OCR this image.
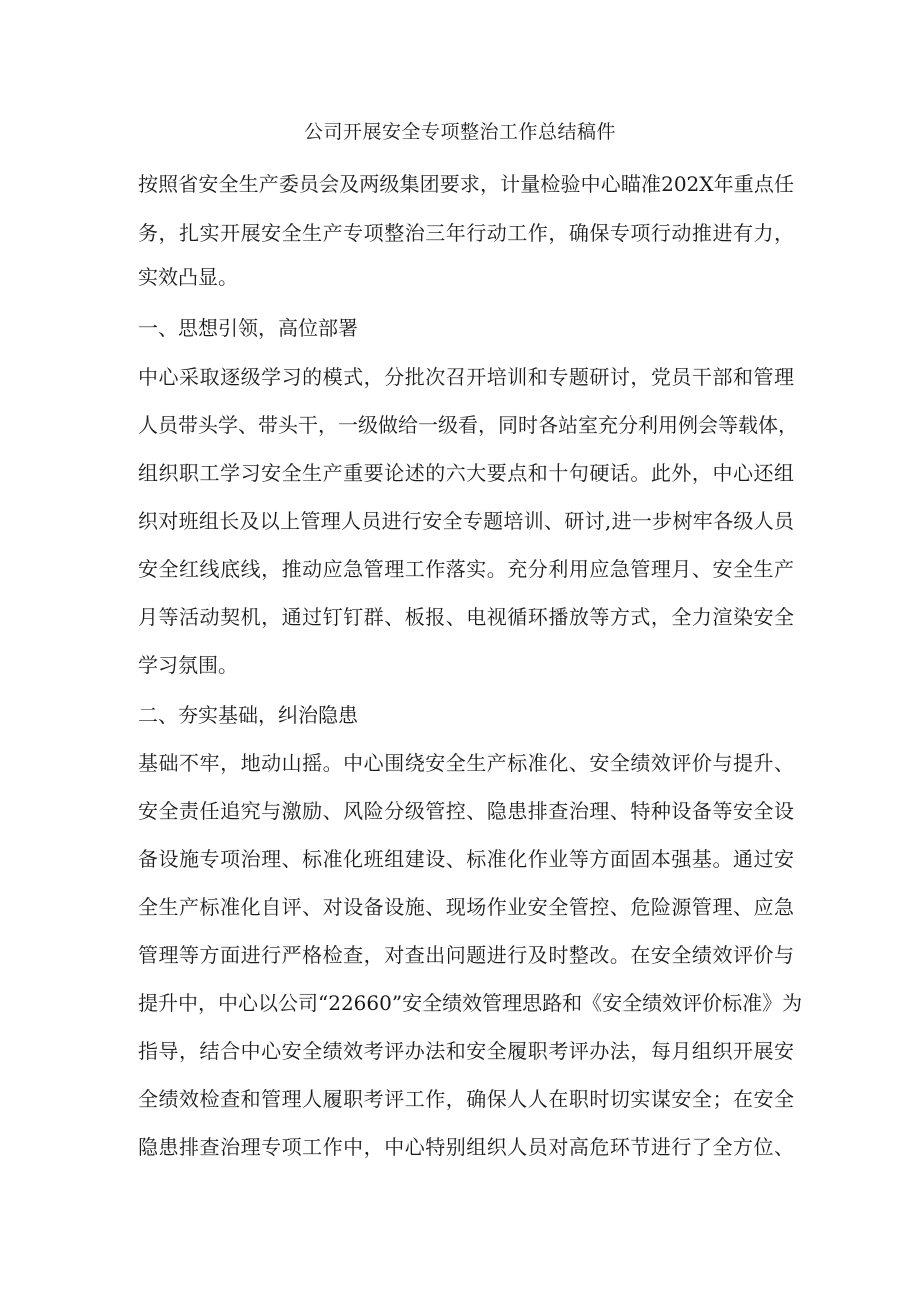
公司开展安全专项整治工作总结稿件
按照省安全生产委员会及两级集团要求，计量检验中心瞄准202X年重点任
务，扎实开展安全生产专项整治三年行动工作，确保专项行动推进有力，
实效凸显。
一、思想引领，高位部署
中心采取逐级学习的模式，分批次召开培训和专题研讨，党员干部和管理
人员带头学、带头干，一级做给一级看，同时各站室充分利用例会等载体，
组织职工学习安全生产重要论述的六大要点和十句硬话。此外，中心还组
织对班组长及以上管理人员进行安全专题培训、研讨,进一步树牢各级人员
安全红线底线，推动应急管理工作落实。充分利用应急管理月、安全生产
月等活动契机，通过钉钉群、板报、电视循环播放等方式，全力渲染安全
学习氛围。
二、夯实基础，纠治隐患
基础不牢，地动山摇。中心围绕安全生产标准化、安全绩效评价与提升、
安全责任追究与激励、风险分级管控、隐患排查治理、特种设备等安全设
备设施专项治理、标准化班组建设、标准化作业等方面固本强基。通过安
全生产标准化自评、对设备设施、现场作业安全管控、危险源管理、应急
管理等方面进行严格检查，对查出问题进行及时整改。在安全绩效评价与
提升中，中心以公司“22660”安全绩效管理思路和《安全绩效评价标准》为
指导，结合中心安全绩效考评办法和安全履职考评办法，每月组织开展安
全绩效检查和管理人履职考评工作，确保人人在职时切实谋安全；在安全
隐患排查治理专项工作中，中心特别组织人员对高危环节进行了全方位、
